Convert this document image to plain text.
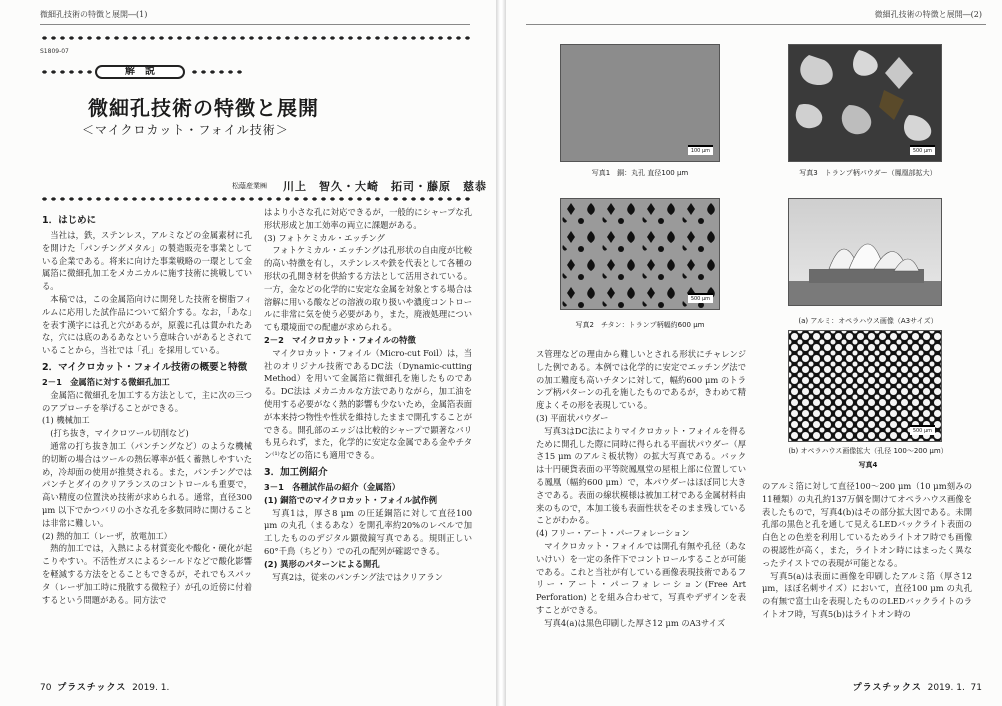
微細孔技術の特徴と展開―(1)
S1809-07
解　説
微細孔技術の特徴と展開
＜マイクロカット・フォイル技術＞
松蔭産業㈱ 川上　智久・大崎　拓司・藤原　慈恭
1．はじめに

当社は，鉄，ステンレス，アルミなどの金属素材に孔を開けた「パンチングメタル」の製造販売を事業としている企業である。将来に向けた事業戦略の一環として金属箔に微細孔加工をメカニカルに施す技術に挑戦している。

本稿では，この金属箔向けに開発した技術を樹脂フィルムに応用した試作品について紹介する。なお，「あな」を表す漢字には孔と穴があるが，原義に孔は貫かれたあな，穴には底のあるあなという意味合いがあるとされていることから，当社では「孔」を採用している。

2．マイクロカット・フォイル技術の概要と特徴
2－1　金属箔に対する微細孔加工

金属箔に微細孔を加工する方法として，主に次の三つのアプローチを挙げることができる。

(1) 機械加工
　(打ち抜き，マイクロツール切削など)

通常の打ち抜き加工（パンチングなど）のような機械的切断の場合はツールの熱伝導率が低く蓄熱しやすいため，冷却面の使用が推奨される。また，パンチングではパンチとダイのクリアランスのコントロールも重要で，高い精度の位置決め技術が求められる。通常，直径300 μm 以下でかつバリの小さな孔を多数同時に開けることは非常に難しい。

(2) 熱的加工（レーザ，放電加工）

熱的加工では，入熱による材質変化や酸化・硬化が起こりやすい。不活性ガスによるシールドなどで酸化影響を軽減する方法をとることもできるが，それでもスパッタ（レーザ加工時に飛散する微粒子）が孔の近傍に付着するという問題がある。同方法で

はより小さな孔に対応できるが，一般的にシャープな孔形状形成と加工効率の両立に課題がある。

(3) フォトケミカル・エッチング

フォトケミカル・エッチングは孔形状の自由度が比較的高い特徴を有し，ステンレスや鉄を代表として各種の形状の孔開き材を供給する方法として活用されている。一方，金などの化学的に安定な金属を対象とする場合は溶解に用いる酸などの溶液の取り扱いや濃度コントロールに非常に気を使う必要があり，また，廃液処理についても環境面での配慮が求められる。

2－2　マイクロカット・フォイルの特徴

マイクロカット・フォイル（Micro-cut Foil）は，当社のオリジナル技術であるDC法（Dynamic-cutting Method）を用いて金属箔に微細孔を施したものである。DC法は メカニカルな方法でありながら，加工油を使用する必要がなく熱的影響も少ないため，金属箔表面が本来持つ物性や性状を維持したままで開孔することができる。開孔部のエッジは比較的シャープで顕著なバリも見られず，また，化学的に安定な金属である金やチタン⁽¹⁾などの箔にも適用できる。

3．加工例紹介
3－1　各種試作品の紹介（金属箔）
(1) 銅箔でのマイクロカット・フォイル試作例

写真1は，厚さ8 μm の圧延銅箔に対して直径100 μm の丸孔（まるあな）を開孔率約20%のレベルで加工したもののデジタル顕微鏡写真である。規則正しい60°千鳥（ちどり）での孔の配列が確認できる。

(2) 異形のパターンによる開孔

写真2は，従来のパンチング法ではクリアラン

70 プラスチックス 2019. 1.
微細孔技術の特徴と展開―(2)
100 μm
写真1　銅：丸孔 直径100 μm
500 μm
写真2　チタン：トランプ柄幅約600 μm
500 μm
写真3　トランプ柄パウダー（鳳凰部拡大）
(a) アルミ：オペラハウス画像（A3サイズ）
500 μm
(b) オペラハウス画像拡大（孔径 100～200 μm）
写真4

ス管理などの理由から難しいとされる形状にチャレンジした例である。本例では化学的に安定でエッチング法での加工難度も高いチタンに対して，幅約600 μm のトランプ柄パターンの孔を施したものであるが，きわめて精度よくその形を表現している。

(3) 平面状パウダー

写真3はDC法によりマイクロカット・フォイルを得るために開孔した際に同時に得られる平面状パウダー（厚さ15 μm のアルミ板状物）の拡大写真である。バックは十円硬貨表面の平等院鳳凰堂の屋根上部に位置している鳳凰（幅約600 μm）で，本パウダーはほぼ同じ大きさである。表面の線状模様は被加工材である金属材料由来のもので，本加工後も表面性状をそのまま残していることがわかる。

(4) フリー・アート・パーフォレーション

マイクロカット・フォイルでは開孔有無や孔径（あないけい）を一定の条件下でコントロールすることが可能である。これと当社が有している画像表現技術であるフリー・アート・パーフォレーション(Free Art Perforation) とを組み合わせて，写真やデザインを表すことができる。

写真4(a)は黒色印刷した厚さ12 μm のA3サイズ

のアルミ箔に対して直径100～200 μm（10 μm刻みの11種類）の丸孔約137万個を開けてオペラハウス画像を表したもので，写真4(b)はその部分拡大図である。未開孔部の黒色と孔を通して見えるLEDバックライト表面の白色との色差を利用しているためライトオフ時でも画像の視認性が高く，また，ライトオン時にはまったく異なったテイストでの表現が可能となる。

写真5(a)は表面に画像を印刷したアルミ箔（厚さ12 μm，ほぼ名刺サイズ）において，直径100 μm の丸孔の有無で富士山を表現したもののLEDバックライトのライトオフ時，写真5(b)はライトオン時の

プラスチックス 2019. 1. 71
